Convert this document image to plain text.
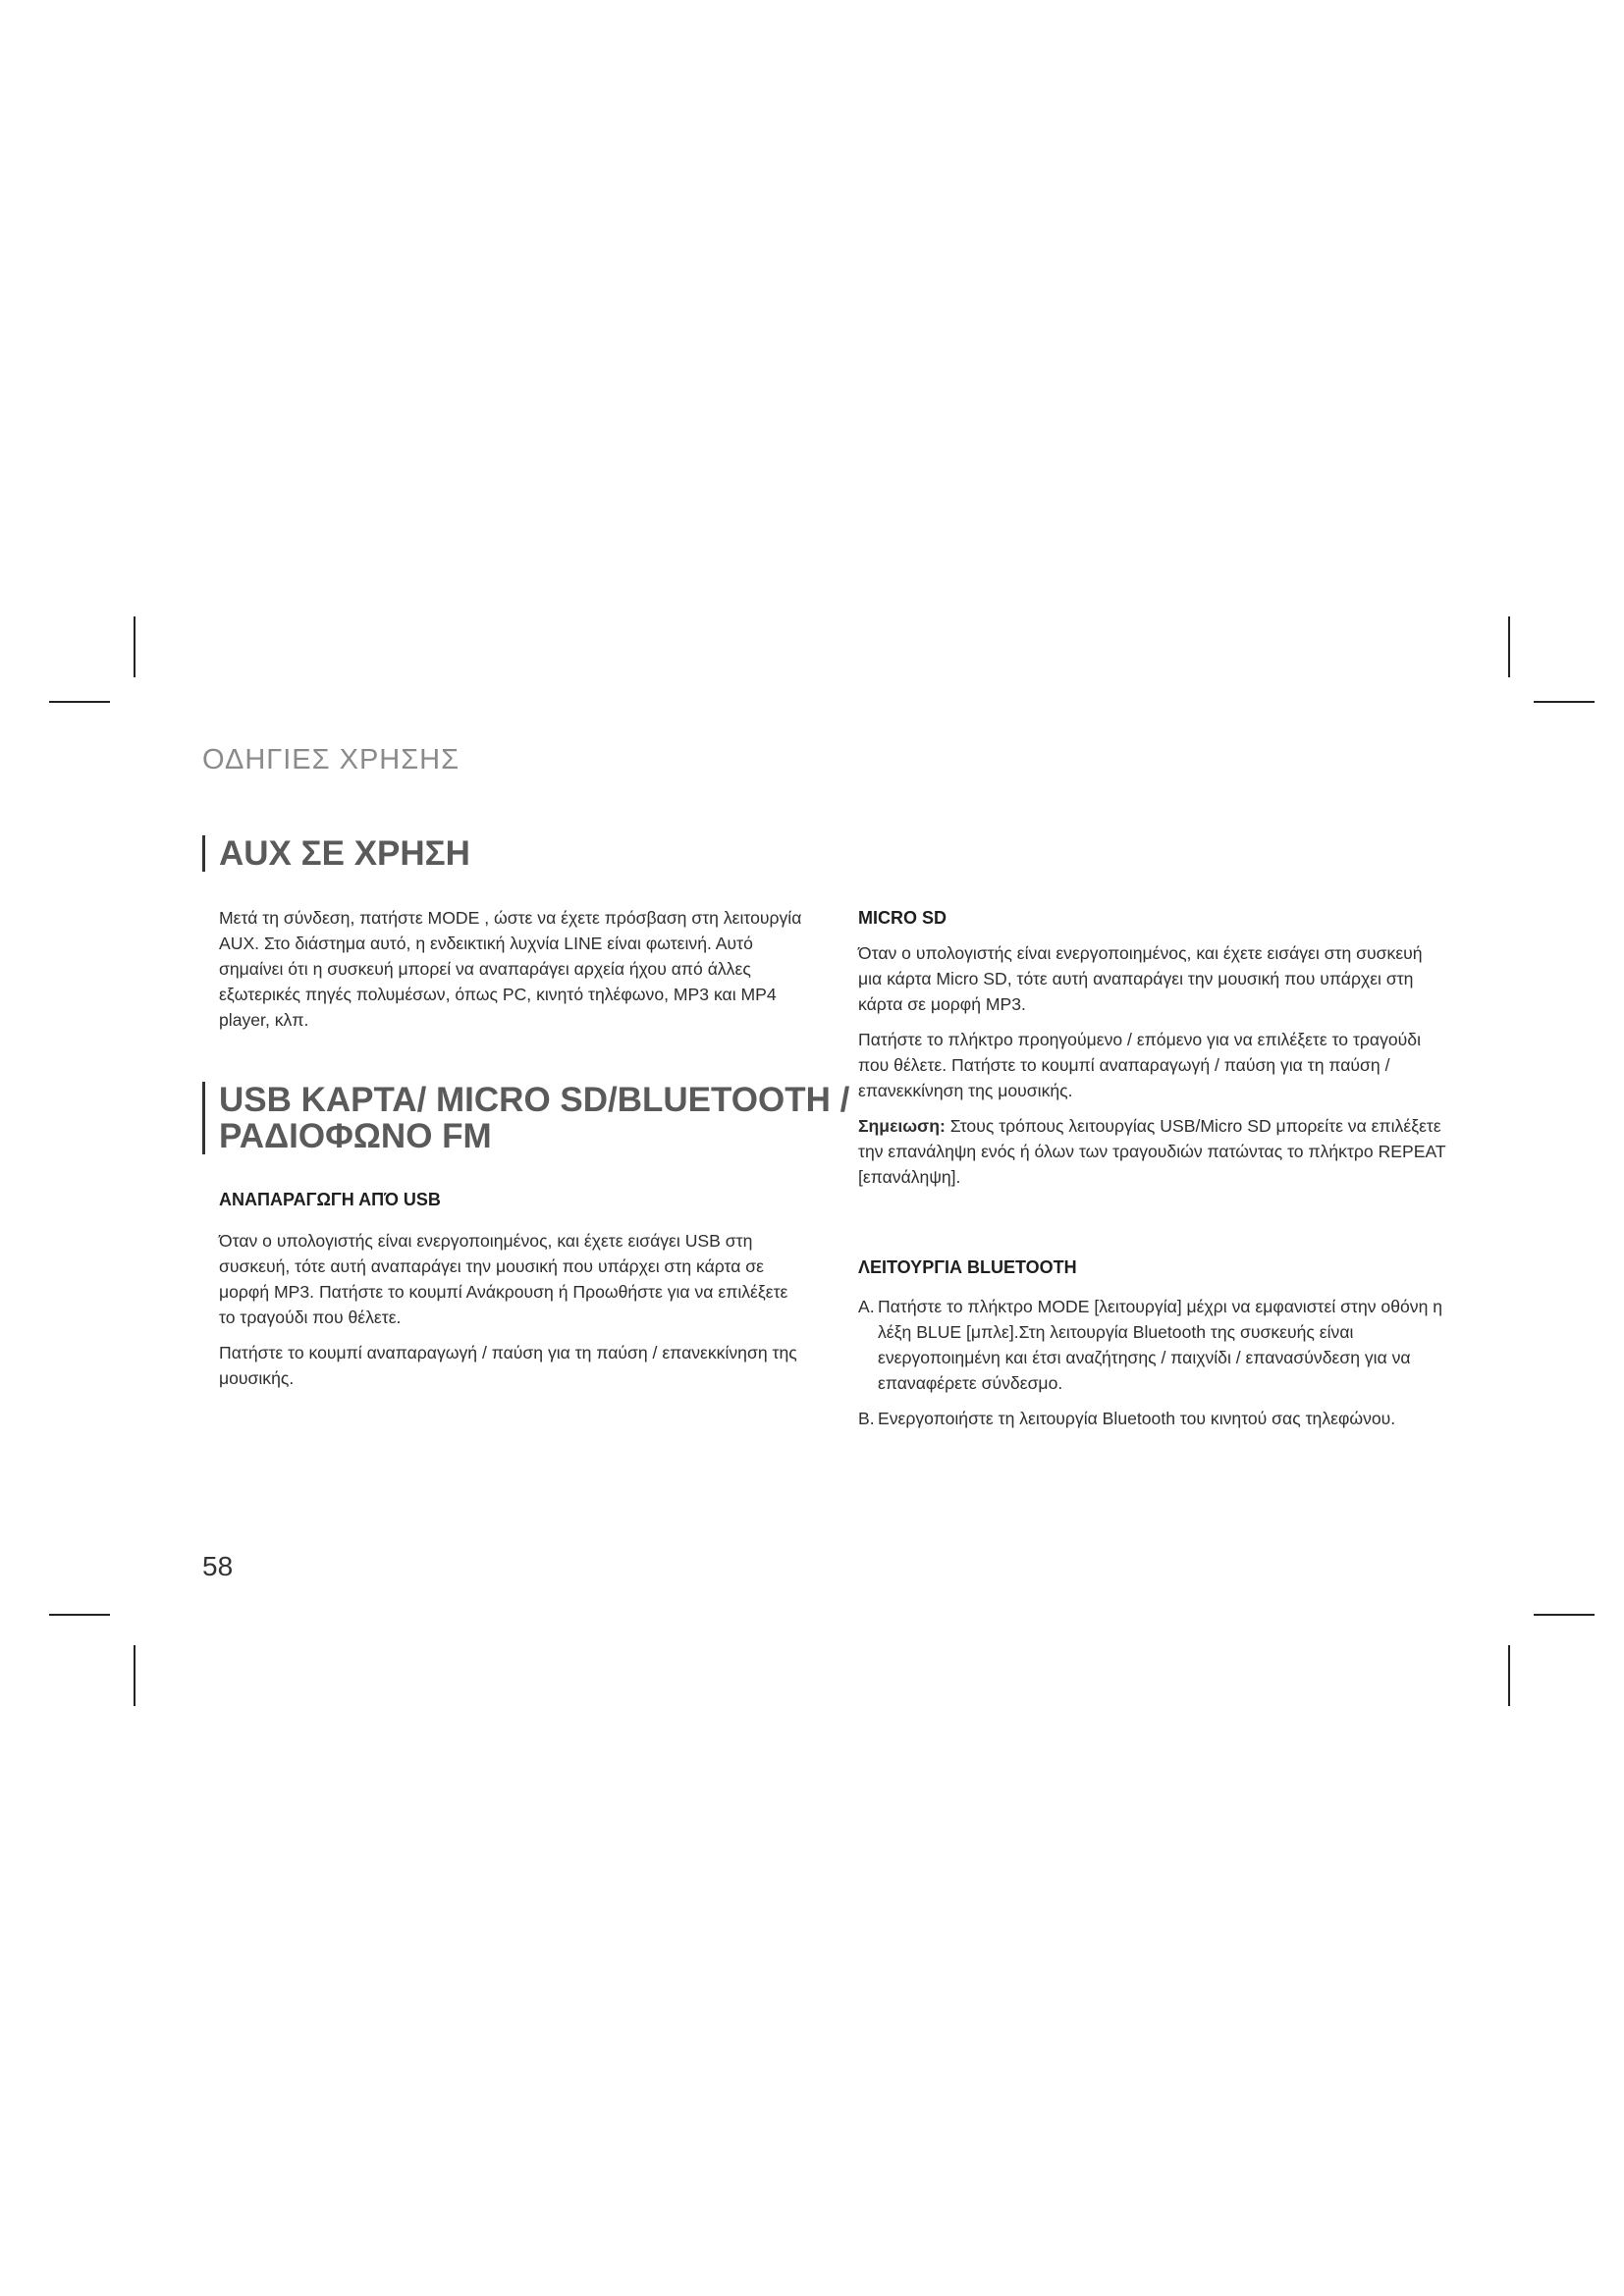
ΟΔΗΓΙΕΣ ΧΡΗΣΗΣ
AUX ΣΕ ΧΡΗΣΗ

Μετά τη σύνδεση, πατήστε MODE , ώστε να έχετε πρόσβαση στη λειτουργία AUX. Στο διάστημα αυτό, η ενδεικτική λυχνία LINE είναι φωτεινή. Αυτό σημαίνει ότι η συσκευή μπορεί να αναπαράγει αρχεία ήχου από άλλες εξωτερικές πηγές πολυμέσων, όπως PC, κινητό τηλέφωνο, MP3 και MP4 player, κλπ.

USB ΚΑΡΤΑ/ MICRO SD/BLUETOOTH /
ΡΑΔΙΟΦΩΝΟ FM
ΑΝΑΠΑΡΑΓΩΓΗ ΑΠΌ USB

Όταν ο υπολογιστής είναι ενεργοποιημένος, και έχετε εισάγει USB στη συσκευή, τότε αυτή αναπαράγει την μουσική που υπάρχει στη κάρτα σε μορφή MP3. Πατήστε το κουμπί Ανάκρουση ή Προωθήστε για να επιλέξετε το τραγούδι που θέλετε.

Πατήστε το κουμπί αναπαραγωγή / παύση για τη παύση / επανεκκίνηση της μουσικής.

MICRO SD

Όταν ο υπολογιστής είναι ενεργοποιημένος, και έχετε εισάγει στη συσκευή μια κάρτα Micro SD, τότε αυτή αναπαράγει την μουσική που υπάρχει στη κάρτα σε μορφή MP3.

Πατήστε το πλήκτρο προηγούμενο / επόμενο για να επιλέξετε το τραγούδι που θέλετε. Πατήστε το κουμπί αναπαραγωγή / παύση για τη παύση / επανεκκίνηση της μουσικής.

Σημειωση: Στους τρόπους λειτουργίας USB/Micro SD μπορείτε να επιλέξετε την επανάληψη ενός ή όλων των τραγουδιών πατώντας το πλήκτρο REPEAT [επανάληψη].

ΛΕΙΤΟΥΡΓΙΑ BLUETOOTH
A. Πατήστε το πλήκτρο MODE [λειτουργία] μέχρι να εμφανιστεί στην οθόνη η λέξη BLUE [μπλε].Στη λειτουργία Bluetooth της συσκευής είναι ενεργοποιημένη και έτσι αναζήτησης / παιχνίδι / επανασύνδεση για να επαναφέρετε σύνδεσμο.
B. Ενεργοποιήστε τη λειτουργία Bluetooth του κινητού σας τηλεφώνου.
58
